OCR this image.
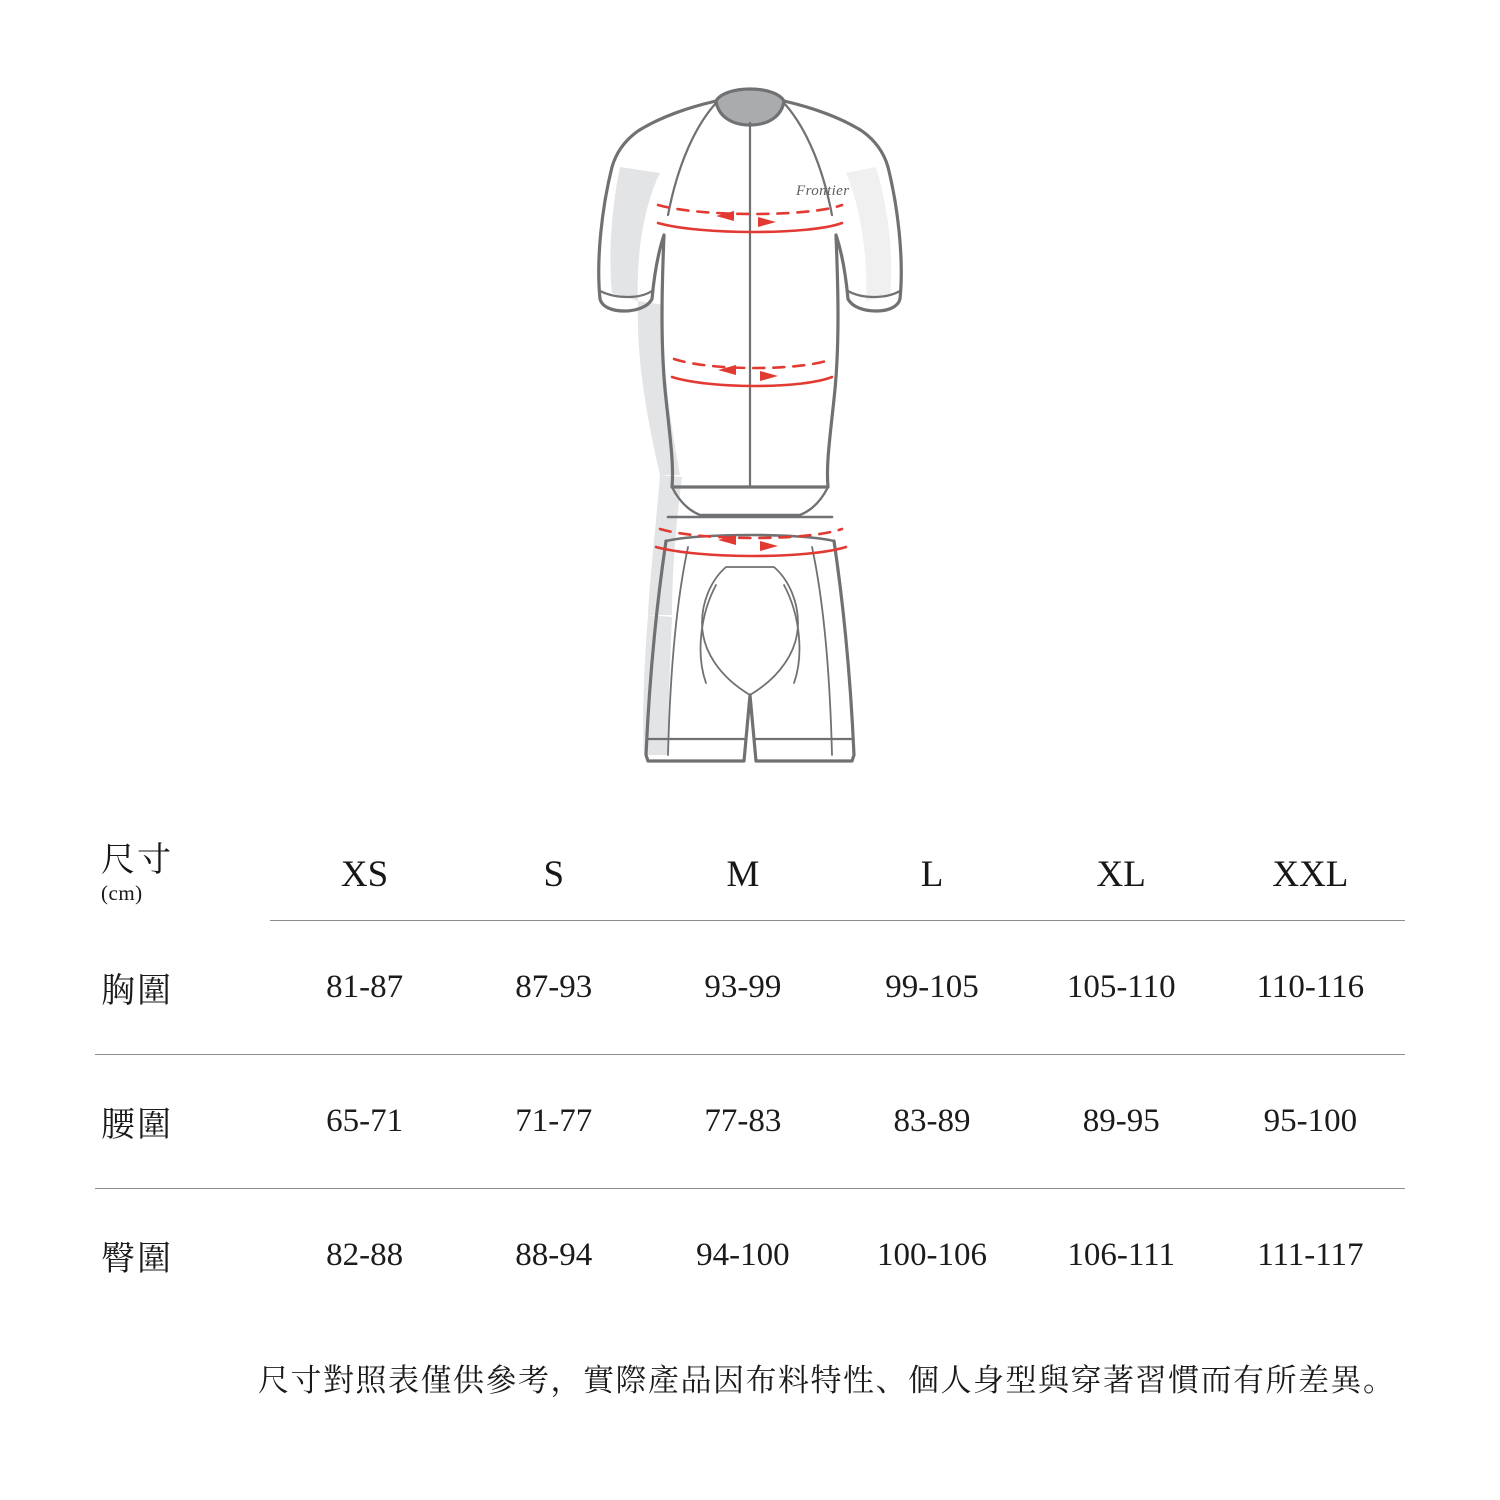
Frontier
尺寸
(cm)	XS	S	M	L	XL	XXL

胸圍	81-87	87-93	93-99	99-105	105-110	110-116

腰圍	65-71	71-77	77-83	83-89	89-95	95-100

臀圍	82-88	88-94	94-100	100-106	106-111	111-117
尺寸對照表僅供參考，實際產品因布料特性、個人身型與穿著習慣而有所差異。
